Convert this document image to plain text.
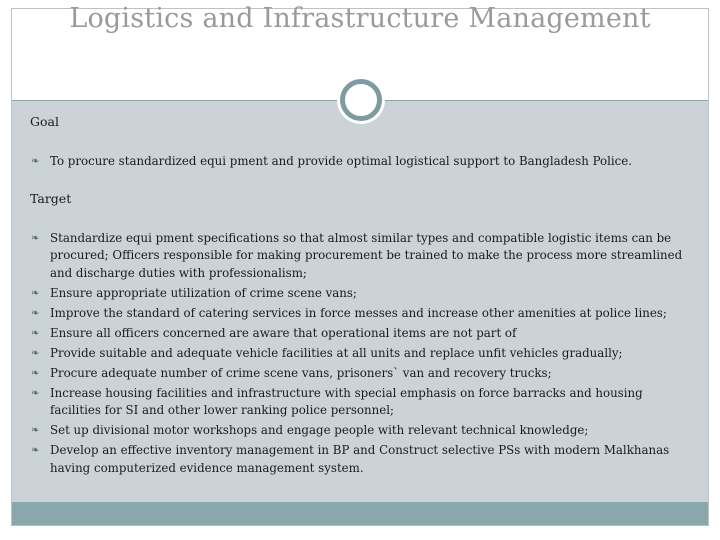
Logistics and Infrastructure Management
Goal
❧ To procure standardized equi pment and provide optimal logistical support to Bangladesh Police.
Target
❧ Standardize equi pment specifications so that almost similar types and compatible logistic items can be procured; Officers responsible for making procurement be trained to make the process more streamlined and discharge duties with professionalism;
❧ Ensure appropriate utilization of crime scene vans;
❧ Improve the standard of catering services in force messes and increase other amenities at police lines;
❧ Ensure all officers concerned are aware that operational items are not part of
❧ Provide suitable and adequate vehicle facilities at all units and replace unfit vehicles gradually;
❧ Procure adequate number of crime scene vans, prisoners` van and recovery trucks;
❧ Increase housing facilities and infrastructure with special emphasis on force barracks and housing facilities for SI and other lower ranking police personnel;
❧ Set up divisional motor workshops and engage people with relevant technical knowledge;
❧ Develop an effective inventory management in BP and Construct selective PSs with modern Malkhanas having computerized evidence management system.
